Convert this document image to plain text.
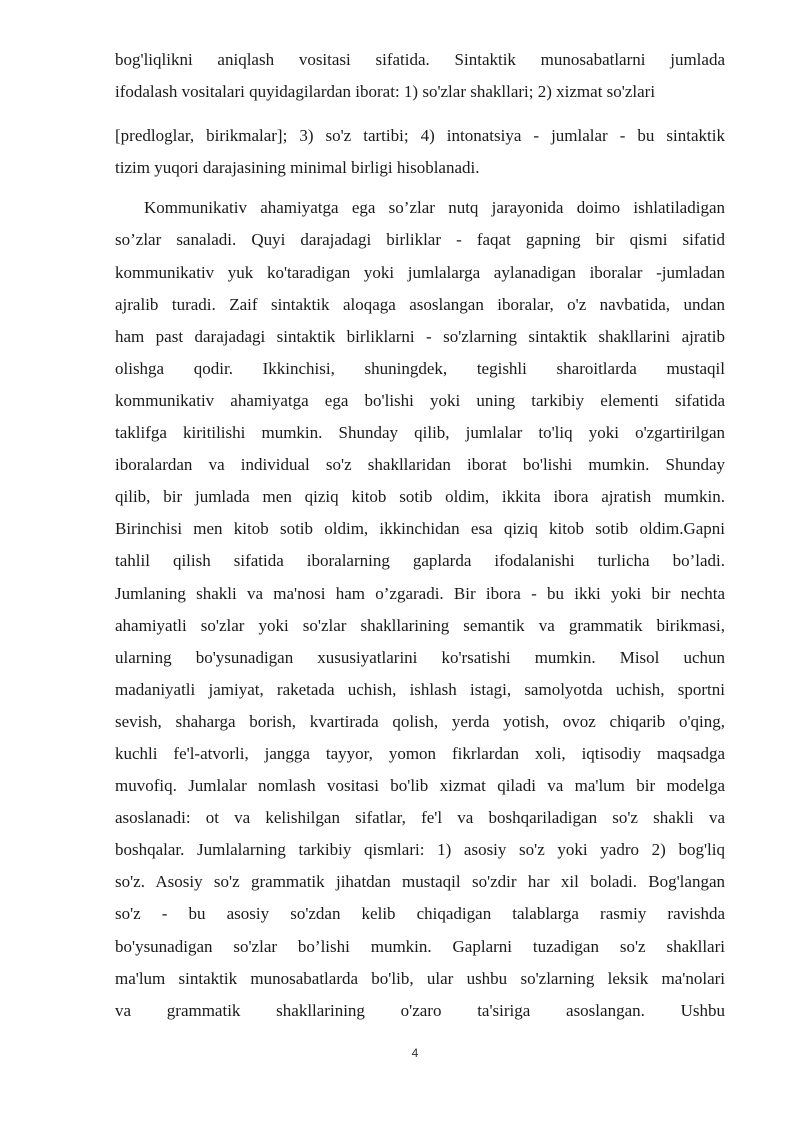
bog'liqlikni aniqlash vositasi sifatida. Sintaktik munosabatlarni jumlada
ifodalash vositalari quyidagilardan iborat: 1) so'zlar shakllari; 2) xizmat so'zlari
[predloglar, birikmalar]; 3) so'z tartibi; 4) intonatsiya - jumlalar - bu sintaktik
tizim yuqori darajasining minimal birligi hisoblanadi.
Kommunikativ ahamiyatga ega so’zlar nutq jarayonida doimo ishlatiladigan
so’zlar sanaladi. Quyi darajadagi birliklar - faqat gapning bir qismi sifatid
kommunikativ yuk ko'taradigan yoki jumlalarga aylanadigan iboralar -jumladan
ajralib turadi. Zaif sintaktik aloqaga asoslangan iboralar, o'z navbatida, undan
ham past darajadagi sintaktik birliklarni - so'zlarning sintaktik shakllarini ajratib
olishga qodir. Ikkinchisi, shuningdek, tegishli sharoitlarda mustaqil
kommunikativ ahamiyatga ega bo'lishi yoki uning tarkibiy elementi sifatida
taklifga kiritilishi mumkin. Shunday qilib, jumlalar to'liq yoki o'zgartirilgan
iboralardan va individual so'z shakllaridan iborat bo'lishi mumkin. Shunday
qilib, bir jumlada men qiziq kitob sotib oldim, ikkita ibora ajratish mumkin.
Birinchisi men kitob sotib oldim, ikkinchidan esa qiziq kitob sotib oldim.Gapni
tahlil qilish sifatida iboralarning gaplarda ifodalanishi turlicha bo’ladi.
Jumlaning shakli va ma'nosi ham o’zgaradi. Bir ibora - bu ikki yoki bir nechta
ahamiyatli so'zlar yoki so'zlar shakllarining semantik va grammatik birikmasi,
ularning bo'ysunadigan xususiyatlarini ko'rsatishi mumkin. Misol uchun
madaniyatli jamiyat, raketada uchish, ishlash istagi, samolyotda uchish, sportni
sevish, shaharga borish, kvartirada qolish, yerda yotish, ovoz chiqarib o'qing,
kuchli fe'l-atvorli, jangga tayyor, yomon fikrlardan xoli, iqtisodiy maqsadga
muvofiq. Jumlalar nomlash vositasi bo'lib xizmat qiladi va ma'lum bir modelga
asoslanadi: ot va kelishilgan sifatlar, fe'l va boshqariladigan so'z shakli va
boshqalar. Jumlalarning tarkibiy qismlari: 1) asosiy so'z yoki yadro 2) bog'liq
so'z. Asosiy so'z grammatik jihatdan mustaqil so'zdir har xil boladi. Bog'langan
so'z - bu asosiy so'zdan kelib chiqadigan talablarga rasmiy ravishda
bo'ysunadigan so'zlar bo’lishi mumkin. Gaplarni tuzadigan so'z shakllari
ma'lum sintaktik munosabatlarda bo'lib, ular ushbu so'zlarning leksik ma'nolari
va grammatik shakllarining o'zaro ta'siriga asoslangan. Ushbu
4
